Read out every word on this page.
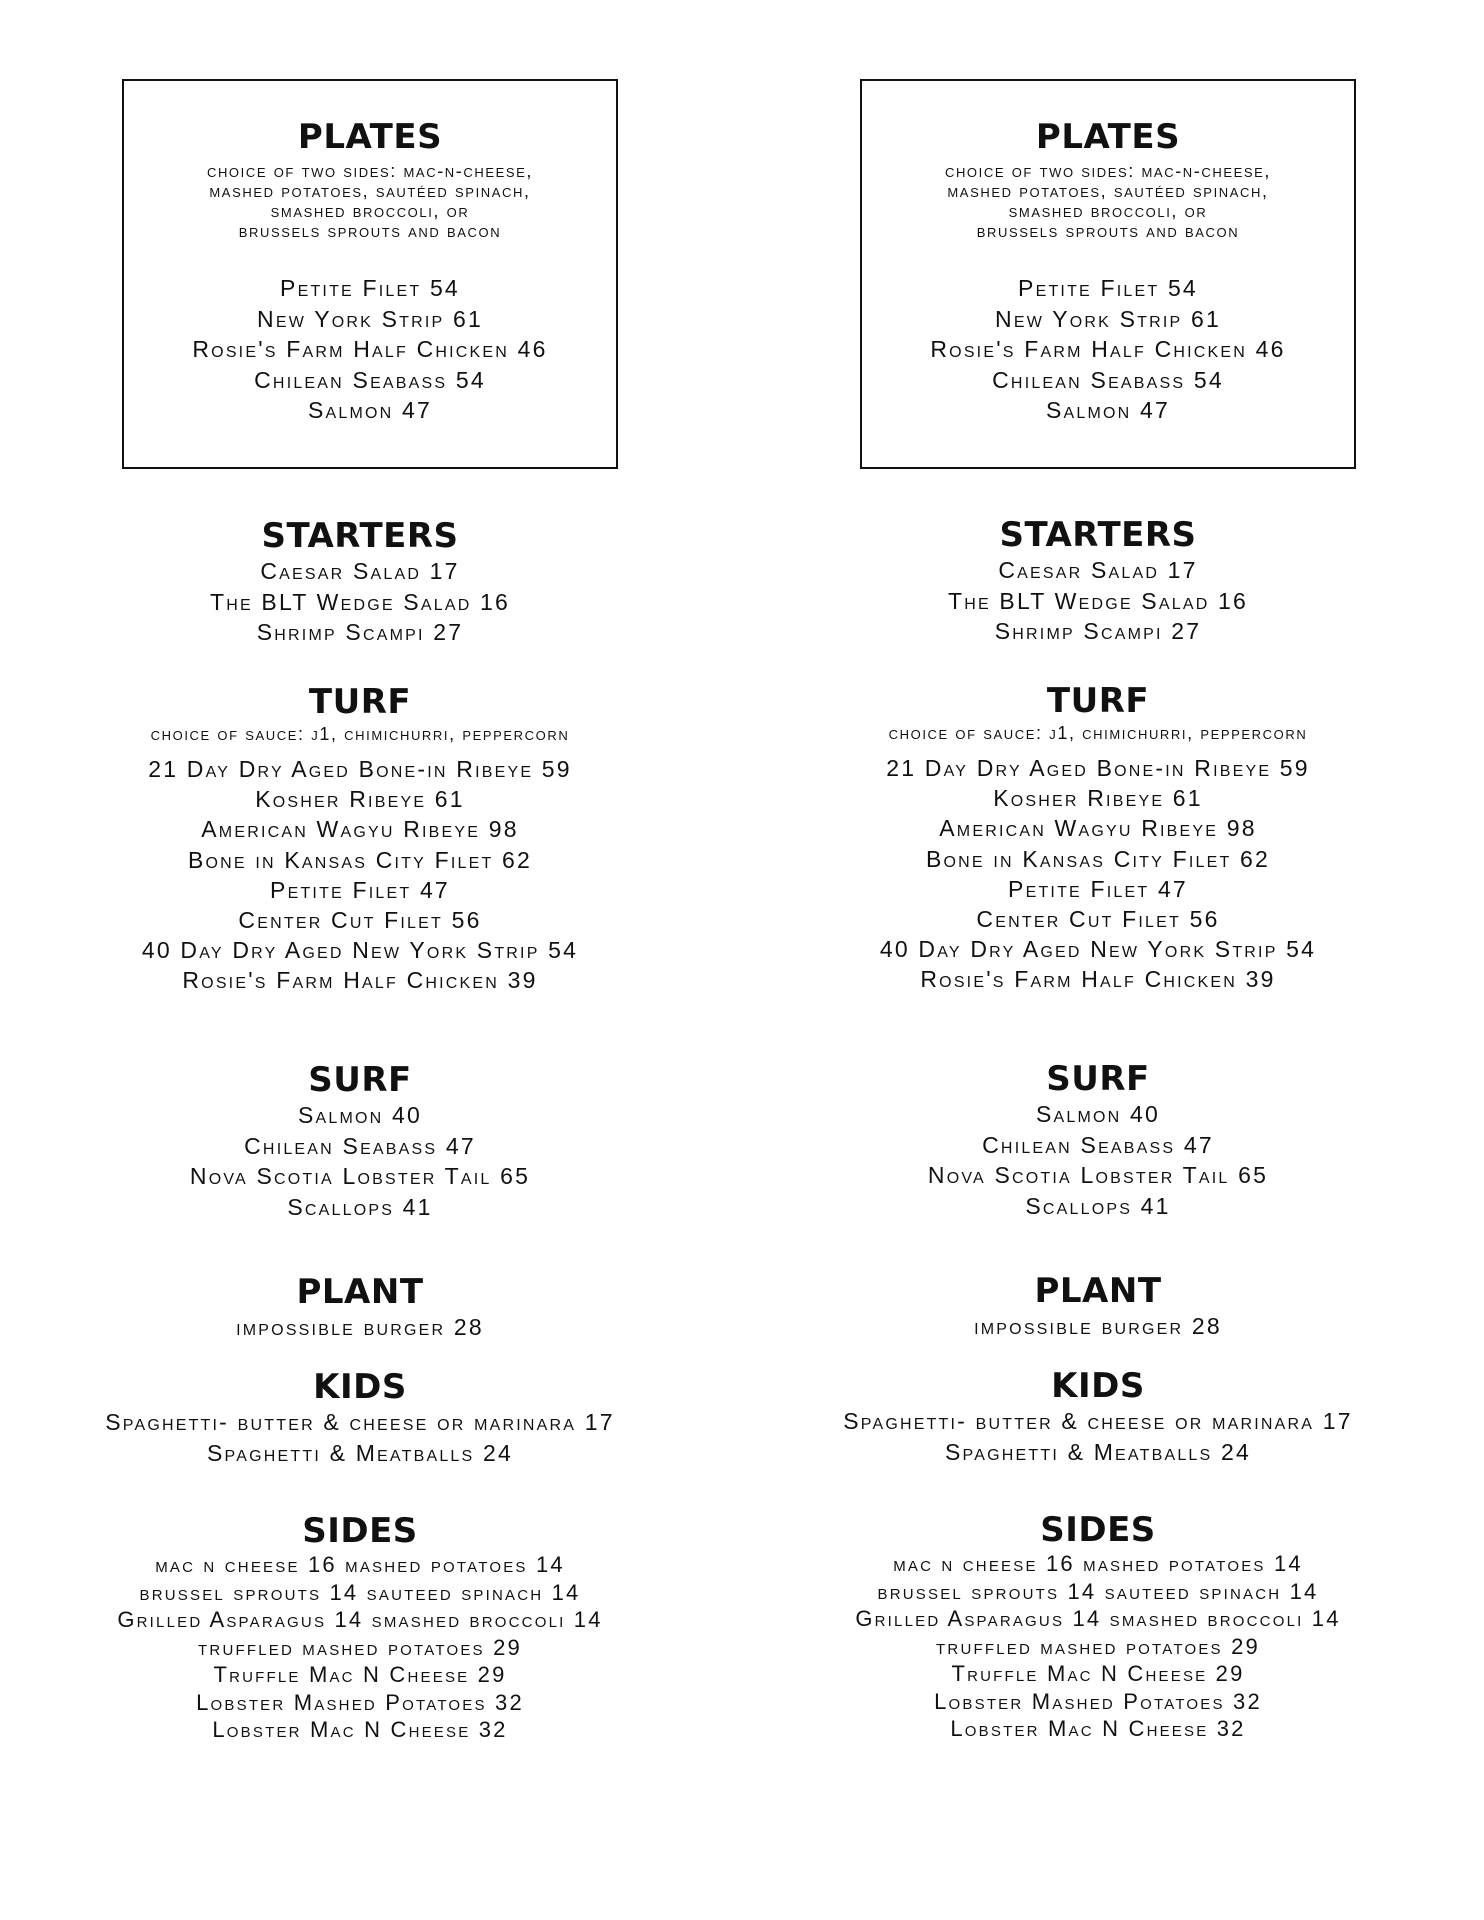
PLATES
choice of two sides: mac-n-cheese,
mashed potatoes, sautéed spinach,
smashed broccoli, or
brussels sprouts and bacon
Petite Filet 54
New York Strip 61
Rosie's Farm Half Chicken 46
Chilean Seabass 54
Salmon 47
STARTERS
Caesar Salad 17
The BLT Wedge Salad 16
Shrimp Scampi 27
TURF
choice of sauce: j1, chimichurri, peppercorn
21 Day Dry Aged Bone-in Ribeye 59
Kosher Ribeye 61
American Wagyu Ribeye 98
Bone in Kansas City Filet 62
Petite Filet 47
Center Cut Filet 56
40 Day Dry Aged New York Strip 54
Rosie's Farm Half Chicken 39
SURF
Salmon 40
Chilean Seabass 47
Nova Scotia Lobster Tail 65
Scallops 41
PLANT
impossible burger 28
KIDS
Spaghetti- butter & cheese or marinara 17
Spaghetti & Meatballs 24
SIDES
mac n cheese 16 mashed potatoes 14
brussel sprouts 14 sauteed spinach 14
Grilled Asparagus 14 smashed broccoli 14
truffled mashed potatoes 29
Truffle Mac N Cheese 29
Lobster Mashed Potatoes 32
Lobster Mac N Cheese 32
PLATES
choice of two sides: mac-n-cheese,
mashed potatoes, sautéed spinach,
smashed broccoli, or
brussels sprouts and bacon
Petite Filet 54
New York Strip 61
Rosie's Farm Half Chicken 46
Chilean Seabass 54
Salmon 47
STARTERS
Caesar Salad 17
The BLT Wedge Salad 16
Shrimp Scampi 27
TURF
choice of sauce: j1, chimichurri, peppercorn
21 Day Dry Aged Bone-in Ribeye 59
Kosher Ribeye 61
American Wagyu Ribeye 98
Bone in Kansas City Filet 62
Petite Filet 47
Center Cut Filet 56
40 Day Dry Aged New York Strip 54
Rosie's Farm Half Chicken 39
SURF
Salmon 40
Chilean Seabass 47
Nova Scotia Lobster Tail 65
Scallops 41
PLANT
impossible burger 28
KIDS
Spaghetti- butter & cheese or marinara 17
Spaghetti & Meatballs 24
SIDES
mac n cheese 16 mashed potatoes 14
brussel sprouts 14 sauteed spinach 14
Grilled Asparagus 14 smashed broccoli 14
truffled mashed potatoes 29
Truffle Mac N Cheese 29
Lobster Mashed Potatoes 32
Lobster Mac N Cheese 32
